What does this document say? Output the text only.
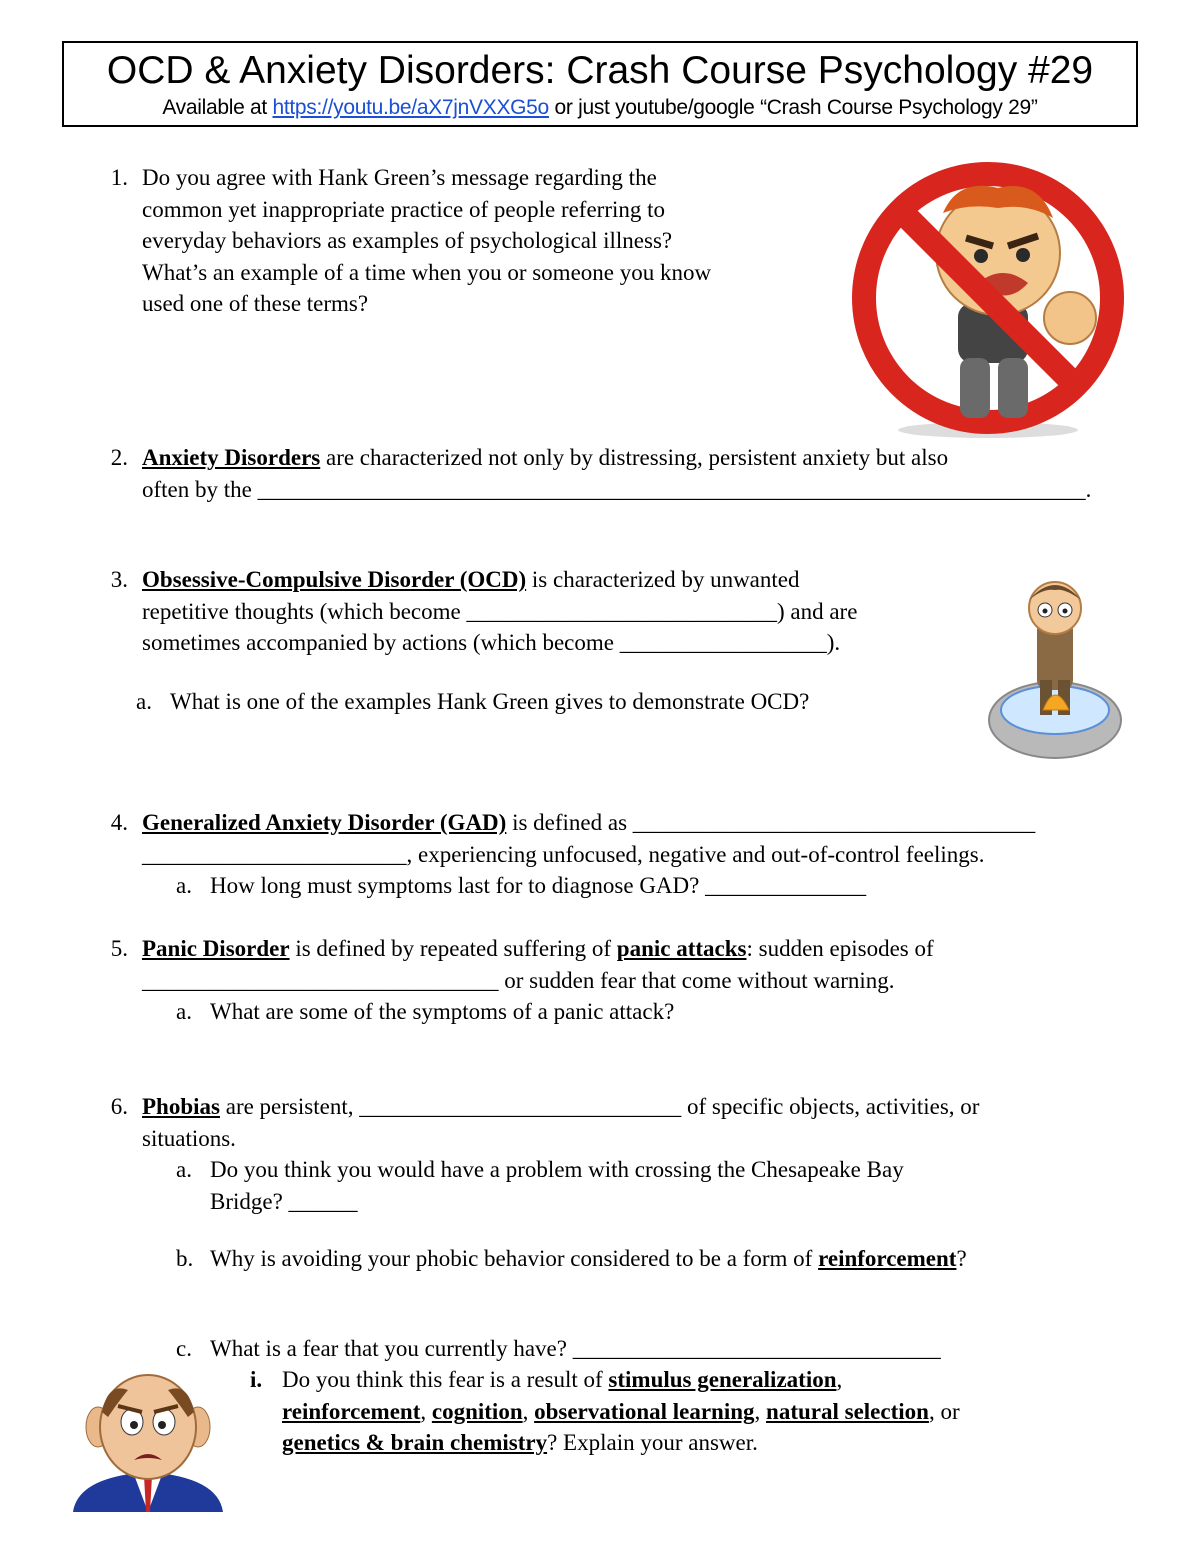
OCD & Anxiety Disorders: Crash Course Psychology #29
Available at https://youtu.be/aX7jnVXXG5o or just youtube/google “Crash Course Psychology 29”
1. Do you agree with Hank Green’s message regarding the
common yet inappropriate practice of people referring to
everyday behaviors as examples of psychological illness?
What’s an example of a time when you or someone you know
used one of these terms?
2. Anxiety Disorders are characterized not only by distressing, persistent anxiety but also
often by the ________________________________________________________________________.
3. Obsessive-Compulsive Disorder (OCD) is characterized by unwanted
repetitive thoughts (which become ___________________________) and are
sometimes accompanied by actions (which become __________________).
a. What is one of the examples Hank Green gives to demonstrate OCD?
4. Generalized Anxiety Disorder (GAD) is defined as ___________________________________
_______________________, experiencing unfocused, negative and out-of-control feelings.
a. How long must symptoms last for to diagnose GAD? ______________
5. Panic Disorder is defined by repeated suffering of panic attacks: sudden episodes of
_______________________________ or sudden fear that come without warning.
a. What are some of the symptoms of a panic attack?
6. Phobias are persistent, ____________________________ of specific objects, activities, or
situations.
a. Do you think you would have a problem with crossing the Chesapeake Bay
Bridge? ______
b. Why is avoiding your phobic behavior considered to be a form of reinforcement?
c. What is a fear that you currently have? ________________________________
i. Do you think this fear is a result of stimulus generalization,
reinforcement, cognition, observational learning, natural selection, or
genetics & brain chemistry? Explain your answer.
